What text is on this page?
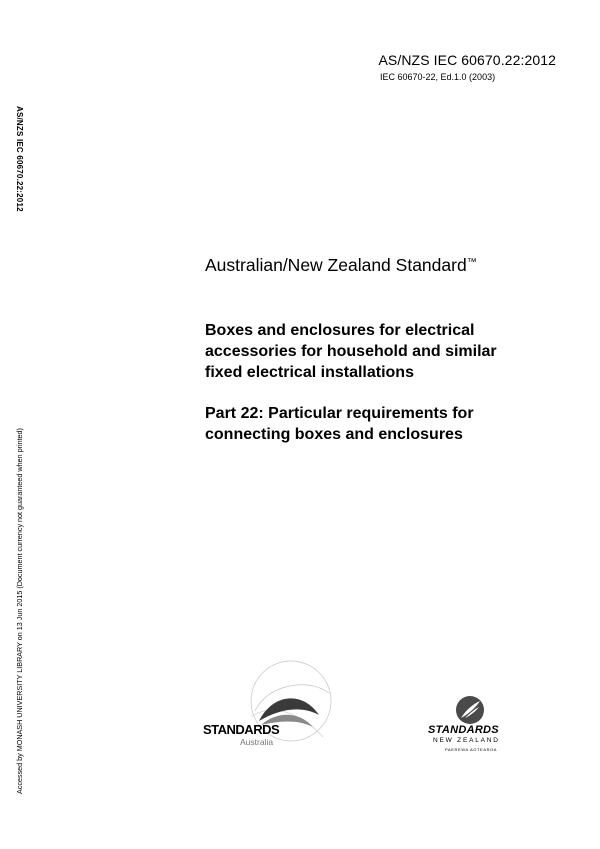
AS/NZS IEC 60670.22:2012
IEC 60670-22, Ed.1.0 (2003)
AS/NZS IEC 60670.22:2012
Accessed by MONASH UNIVERSITY LIBRARY on 13 Jun 2015 (Document currency not guaranteed when printed)
Australian/New Zealand Standard™
Boxes and enclosures for electrical
accessories for household and similar
fixed electrical installations
Part 22: Particular requirements for
connecting boxes and enclosures
STANDARDS
Australia
STANDARDS
NEW ZEALAND
PAEREWA AOTEAROA
